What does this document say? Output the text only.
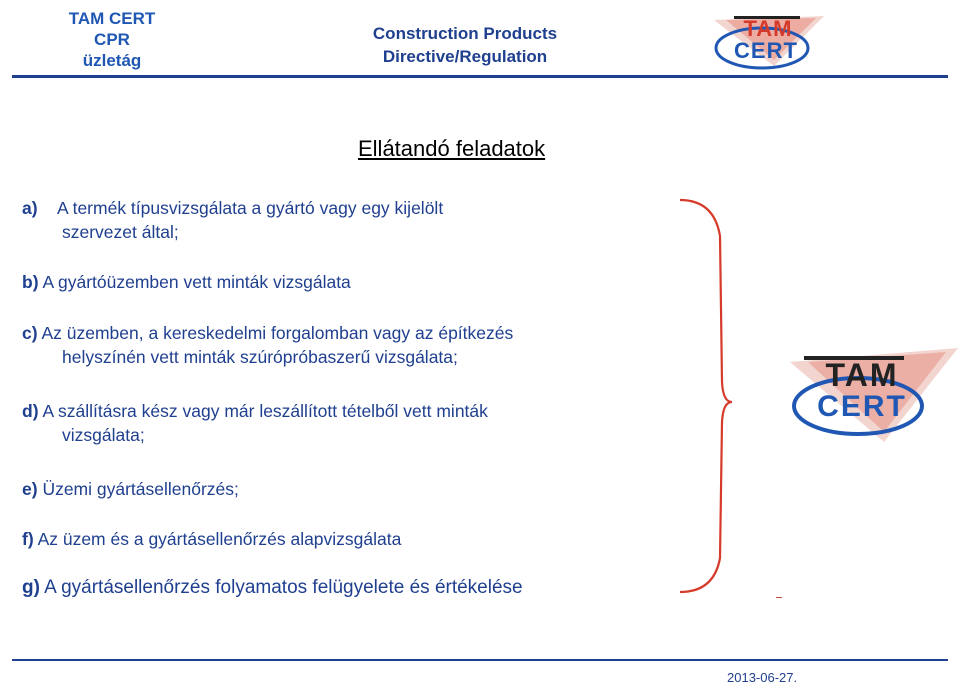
TAM CERT
CPR
üzletág
Construction Products
Directive/Regulation
TAM
CERT
Ellátandó feladatok
a) A termék típusvizsgálata a gyártó vagy egy kijelölt
szervezet által;
b) A gyártóüzemben vett minták vizsgálata
c) Az üzemben, a kereskedelmi forgalomban vagy az építkezés
helyszínén vett minták szúrópróbaszerű vizsgálata;
d) A szállításra kész vagy már leszállított tételből vett minták
vizsgálata;
e) Üzemi gyártásellenőrzés;
f) Az üzem és a gyártásellenőrzés alapvizsgálata
g) A gyártásellenőrzés folyamatos felügyelete és értékelése
TAM
CERT
2013-06-27.
